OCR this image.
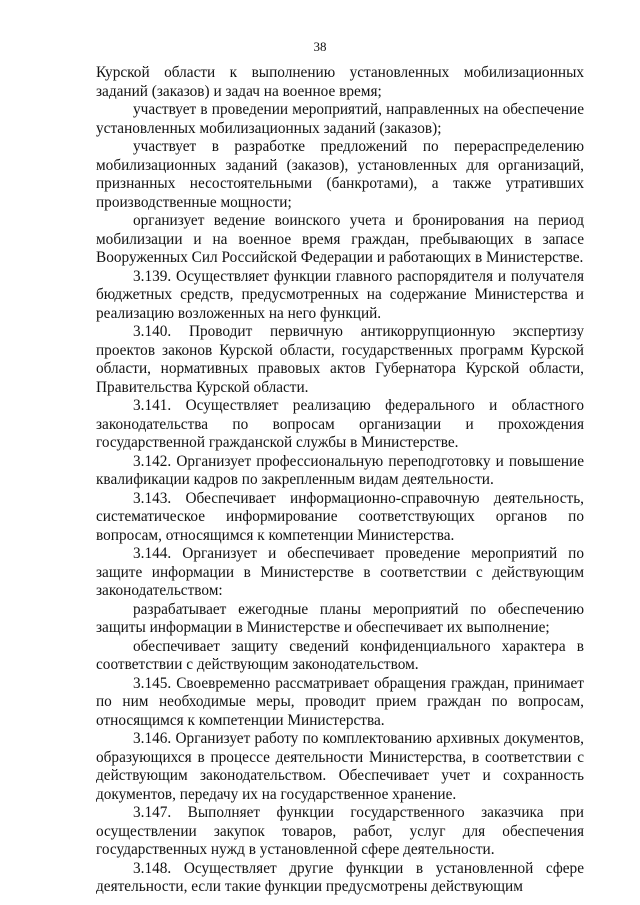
38

Курской области к выполнению установленных мобилизационных заданий (заказов) и задач на военное время;

участвует в проведении мероприятий, направленных на обеспечение установленных мобилизационных заданий (заказов);

участвует в разработке предложений по перераспределению мобилизационных заданий (заказов), установленных для организаций, признанных несостоятельными (банкротами), а также утративших производственные мощности;

организует ведение воинского учета и бронирования на период мобилизации и на военное время граждан, пребывающих в запасе Вооруженных Сил Российской Федерации и работающих в Министерстве.

3.139. Осуществляет функции главного распорядителя и получателя бюджетных средств, предусмотренных на содержание Министерства и реализацию возложенных на него функций.

3.140. Проводит первичную антикоррупционную экспертизу проектов законов Курской области, государственных программ Курской области, нормативных правовых актов Губернатора Курской области, Правительства Курской области.

3.141. Осуществляет реализацию федерального и областного законодательства по вопросам организации и прохождения государственной гражданской службы в Министерстве.

3.142. Организует профессиональную переподготовку и повышение квалификации кадров по закрепленным видам деятельности.

3.143. Обеспечивает информационно-справочную деятельность, систематическое информирование соответствующих органов по вопросам, относящимся к компетенции Министерства.

3.144. Организует и обеспечивает проведение мероприятий по защите информации в Министерстве в соответствии с действующим законодательством:

разрабатывает ежегодные планы мероприятий по обеспечению защиты информации в Министерстве и обеспечивает их выполнение;

обеспечивает защиту сведений конфиденциального характера в соответствии с действующим законодательством.

3.145. Своевременно рассматривает обращения граждан, принимает по ним необходимые меры, проводит прием граждан по вопросам, относящимся к компетенции Министерства.

3.146. Организует работу по комплектованию архивных документов, образующихся в процессе деятельности Министерства, в соответствии с действующим законодательством. Обеспечивает учет и сохранность документов, передачу их на государственное хранение.

3.147. Выполняет функции государственного заказчика при осуществлении закупок товаров, работ, услуг для обеспечения государственных нужд в установленной сфере деятельности.

3.148. Осуществляет другие функции в установленной сфере деятельности, если такие функции предусмотрены действующим
